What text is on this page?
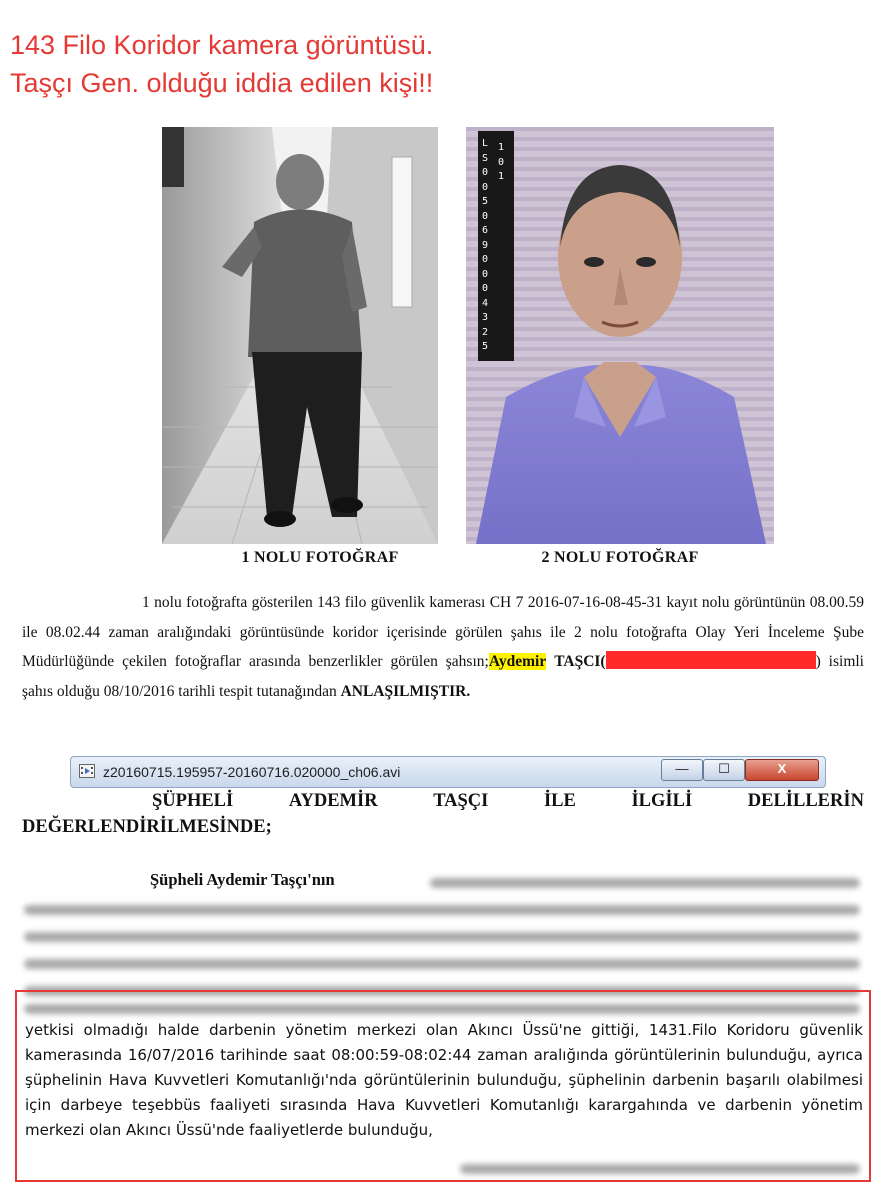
143 Filo Koridor kamera görüntüsü.
Taşçı Gen. olduğu iddia edilen kişi!!
LS0050690004325
101
1 NOLU FOTOĞRAF	2 NOLU FOTOĞRAF

1 nolu fotoğrafta gösterilen 143 filo güvenlik kamerası CH 7 2016-07-16-08-45-31 kayıt nolu görüntünün 08.00.59 ile 08.02.44 zaman aralığındaki görüntüsünde koridor içerisinde görülen şahıs ile 2 nolu fotoğrafta Olay Yeri İnceleme Şube Müdürlüğünde çekilen fotoğraflar arasında benzerlikler görülen şahsın;Aydemir TAŞCI(	) isimli şahıs olduğu 08/10/2016 tarihli tespit tutanağından ANLAŞILMIŞTIR.

z20160715.195957-20160716.020000_ch06.avi	—	☐	X
ŞÜPHELİ	AYDEMİR	TAŞÇI	İLE	İLGİLİ	DELİLLERİN
DEĞERLENDİRİLMESİNDE;
Şüpheli Aydemir Taşçı'nın

yetkisi olmadığı halde darbenin yönetim merkezi olan Akıncı Üssü'ne gittiği, 1431.Filo Koridoru güvenlik kamerasında 16/07/2016 tarihinde saat 08:00:59-08:02:44 zaman aralığında görüntülerinin bulunduğu, ayrıca şüphelinin Hava Kuvvetleri Komutanlığı'nda görüntülerinin bulunduğu, şüphelinin darbenin başarılı olabilmesi için darbeye teşebbüs faaliyeti sırasında Hava Kuvvetleri Komutanlığı karargahında ve darbenin yönetim merkezi olan Akıncı Üssü'nde faaliyetlerde bulunduğu,
